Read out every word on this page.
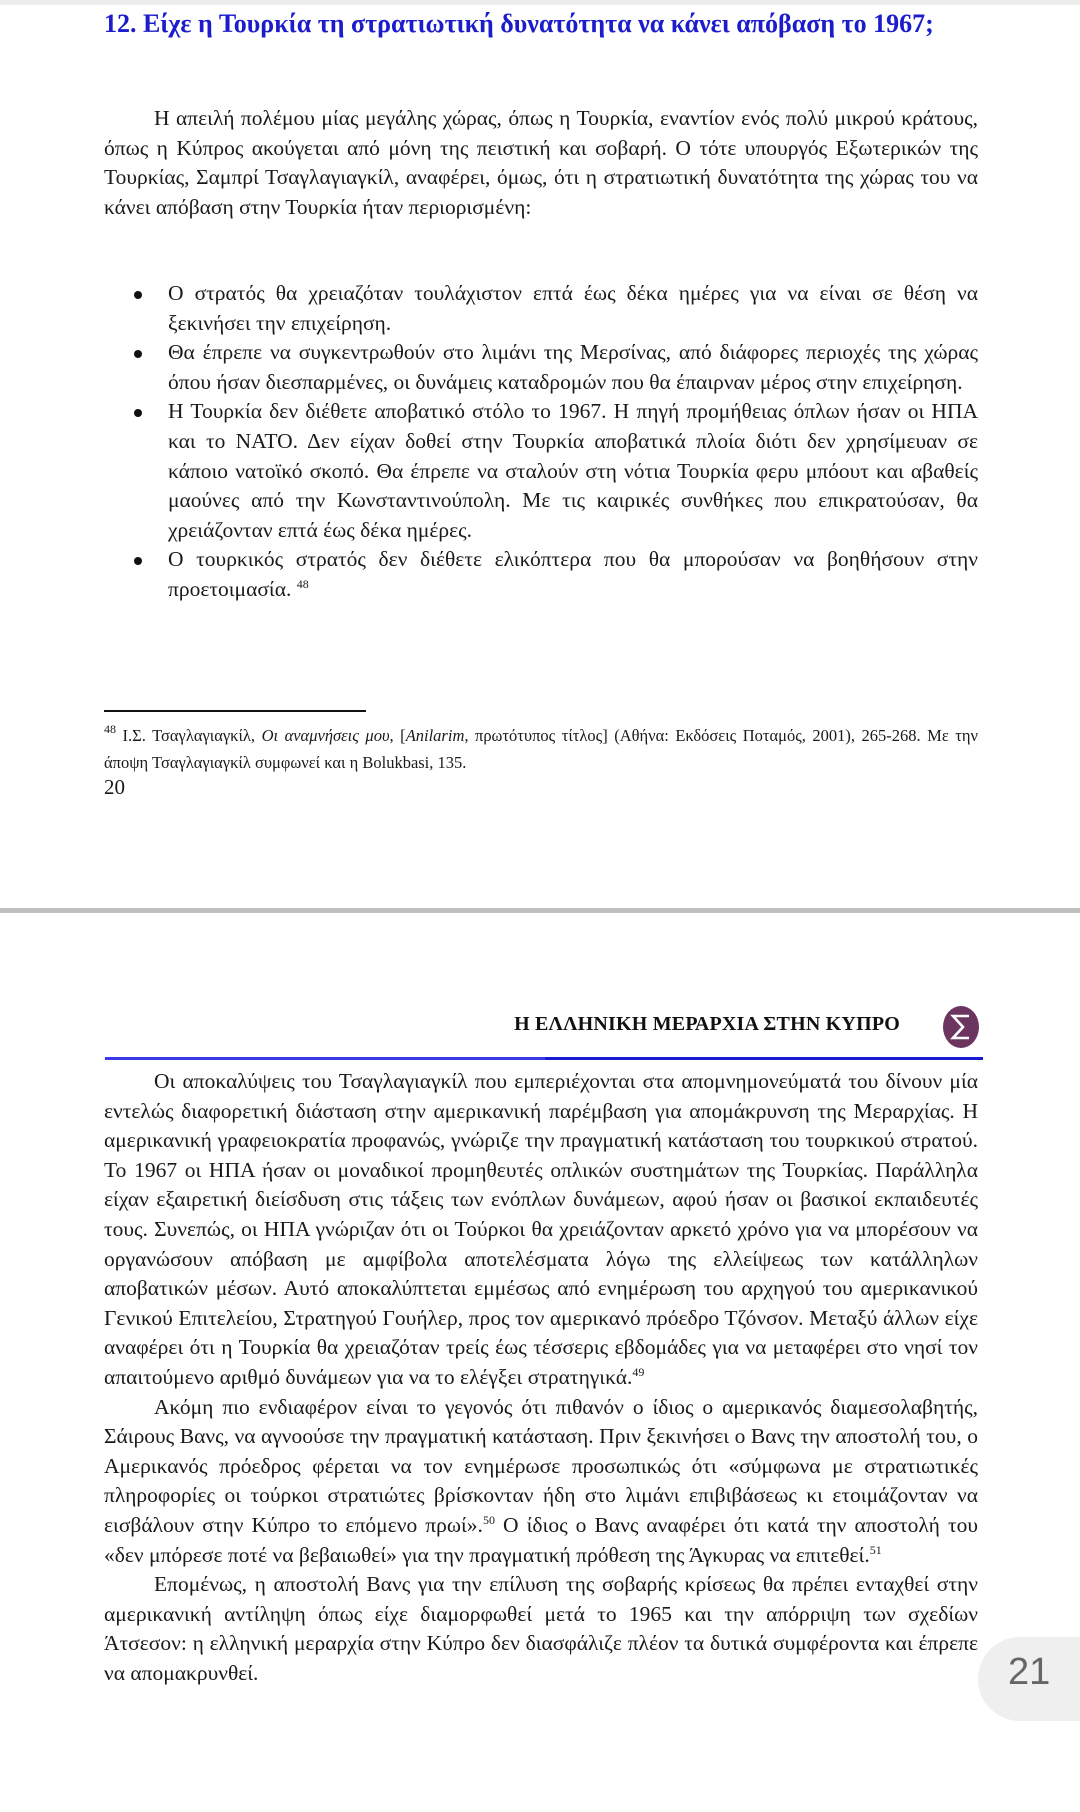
12. Είχε η Τουρκία τη στρατιωτική δυνατότητα να κάνει απόβαση το 1967;

Η απειλή πολέμου μίας μεγάλης χώρας, όπως η Τουρκία, εναντίον ενός πολύ μικρού κράτους, όπως η Κύπρος ακούγεται από μόνη της πειστική και σοβαρή. Ο τότε υπουργός Εξωτερικών της Τουρκίας, Σαμπρί Τσαγλαγιαγκίλ, αναφέρει, όμως, ότι η στρατιωτική δυνατότητα της χώρας του να κάνει απόβαση στην Τουρκία ήταν περιορισμένη:

Ο στρατός θα χρειαζόταν τουλάχιστον επτά έως δέκα ημέρες για να είναι σε θέση να ξεκινήσει την επιχείρηση.
Θα έπρεπε να συγκεντρωθούν στο λιμάνι της Μερσίνας, από διάφορες περιοχές της χώρας όπου ήσαν διεσπαρμένες, οι δυνάμεις καταδρομών που θα έπαιρναν μέρος στην επιχείρηση.
Η Τουρκία δεν διέθετε αποβατικό στόλο το 1967. Η πηγή προμήθειας όπλων ήσαν οι ΗΠΑ και το ΝΑΤΟ. Δεν είχαν δοθεί στην Τουρκία αποβατικά πλοία διότι δεν χρησίμευαν σε κάποιο νατοϊκό σκοπό. Θα έπρεπε να σταλούν στη νότια Τουρκία φερυ μπόουτ και αβαθείς μαούνες από την Κωνσταντινούπολη. Με τις καιρικές συνθήκες που επικρατούσαν, θα χρειάζονταν επτά έως δέκα ημέρες.
Ο τουρκικός στρατός δεν διέθετε ελικόπτερα που θα μπορούσαν να βοηθήσουν στην προετοιμασία. $^{48}$
$^{48}$ Ι.Σ. Τσαγλαγιαγκίλ, Οι αναμνήσεις μου, [Anilarim, πρωτότυπος τίτλος] (Αθήνα: Εκδόσεις Ποταμός, 2001), 265-268. Με την άποψη Τσαγλαγιαγκίλ συμφωνεί και η Bolukbasi, 135.
20
Η ΕΛΛΗΝΙΚΗ ΜΕΡΑΡΧΙΑ ΣΤΗΝ ΚΥΠΡΟ

Οι αποκαλύψεις του Τσαγλαγιαγκίλ που εμπεριέχονται στα απομνημονεύματά του δίνουν μία εντελώς διαφορετική διάσταση στην αμερικανική παρέμβαση για απομάκρυνση της Μεραρχίας. Η αμερικανική γραφειοκρατία προφανώς, γνώριζε την πραγματική κατάσταση του τουρκικού στρατού. Το 1967 οι ΗΠΑ ήσαν οι μοναδικοί προμηθευτές οπλικών συστημάτων της Τουρκίας. Παράλληλα είχαν εξαιρετική διείσδυση στις τάξεις των ενόπλων δυνάμεων, αφού ήσαν οι βασικοί εκπαιδευτές τους. Συνεπώς, οι ΗΠΑ γνώριζαν ότι οι Τούρκοι θα χρειάζονταν αρκετό χρόνο για να μπορέσουν να οργανώσουν απόβαση με αμφίβολα αποτελέσματα λόγω της ελλείψεως των κατάλληλων αποβατικών μέσων. Αυτό αποκαλύπτεται εμμέσως από ενημέρωση του αρχηγού του αμερικανικού Γενικού Επιτελείου, Στρατηγού Γουήλερ, προς τον αμερικανό πρόεδρο Τζόνσον. Μεταξύ άλλων είχε αναφέρει ότι η Τουρκία θα χρειαζόταν τρείς έως τέσσερις εβδομάδες για να μεταφέρει στο νησί τον απαιτούμενο αριθμό δυνάμεων για να το ελέγξει στρατηγικά.$^{49}$

Ακόμη πιο ενδιαφέρον είναι το γεγονός ότι πιθανόν ο ίδιος ο αμερικανός διαμεσολαβητής, Σάιρους Βανς, να αγνοούσε την πραγματική κατάσταση. Πριν ξεκινήσει ο Βανς την αποστολή του, ο Αμερικανός πρόεδρος φέρεται να τον ενημέρωσε προσωπικώς ότι «σύμφωνα με στρατιωτικές πληροφορίες οι τούρκοι στρατιώτες βρίσκονταν ήδη στο λιμάνι επιβιβάσεως κι ετοιμάζονταν να εισβάλουν στην Κύπρο το επόμενο πρωί».$^{50}$ Ο ίδιος ο Βανς αναφέρει ότι κατά την αποστολή του «δεν μπόρεσε ποτέ να βεβαιωθεί» για την πραγματική πρόθεση της Άγκυρας να επιτεθεί.$^{51}$

Επομένως, η αποστολή Βανς για την επίλυση της σοβαρής κρίσεως θα πρέπει ενταχθεί στην αμερικανική αντίληψη όπως είχε διαμορφωθεί μετά το 1965 και την απόρριψη των σχεδίων Άτσεσον: η ελληνική μεραρχία στην Κύπρο δεν διασφάλιζε πλέον τα δυτικά συμφέροντα και έπρεπε να απομακρυνθεί.	21
